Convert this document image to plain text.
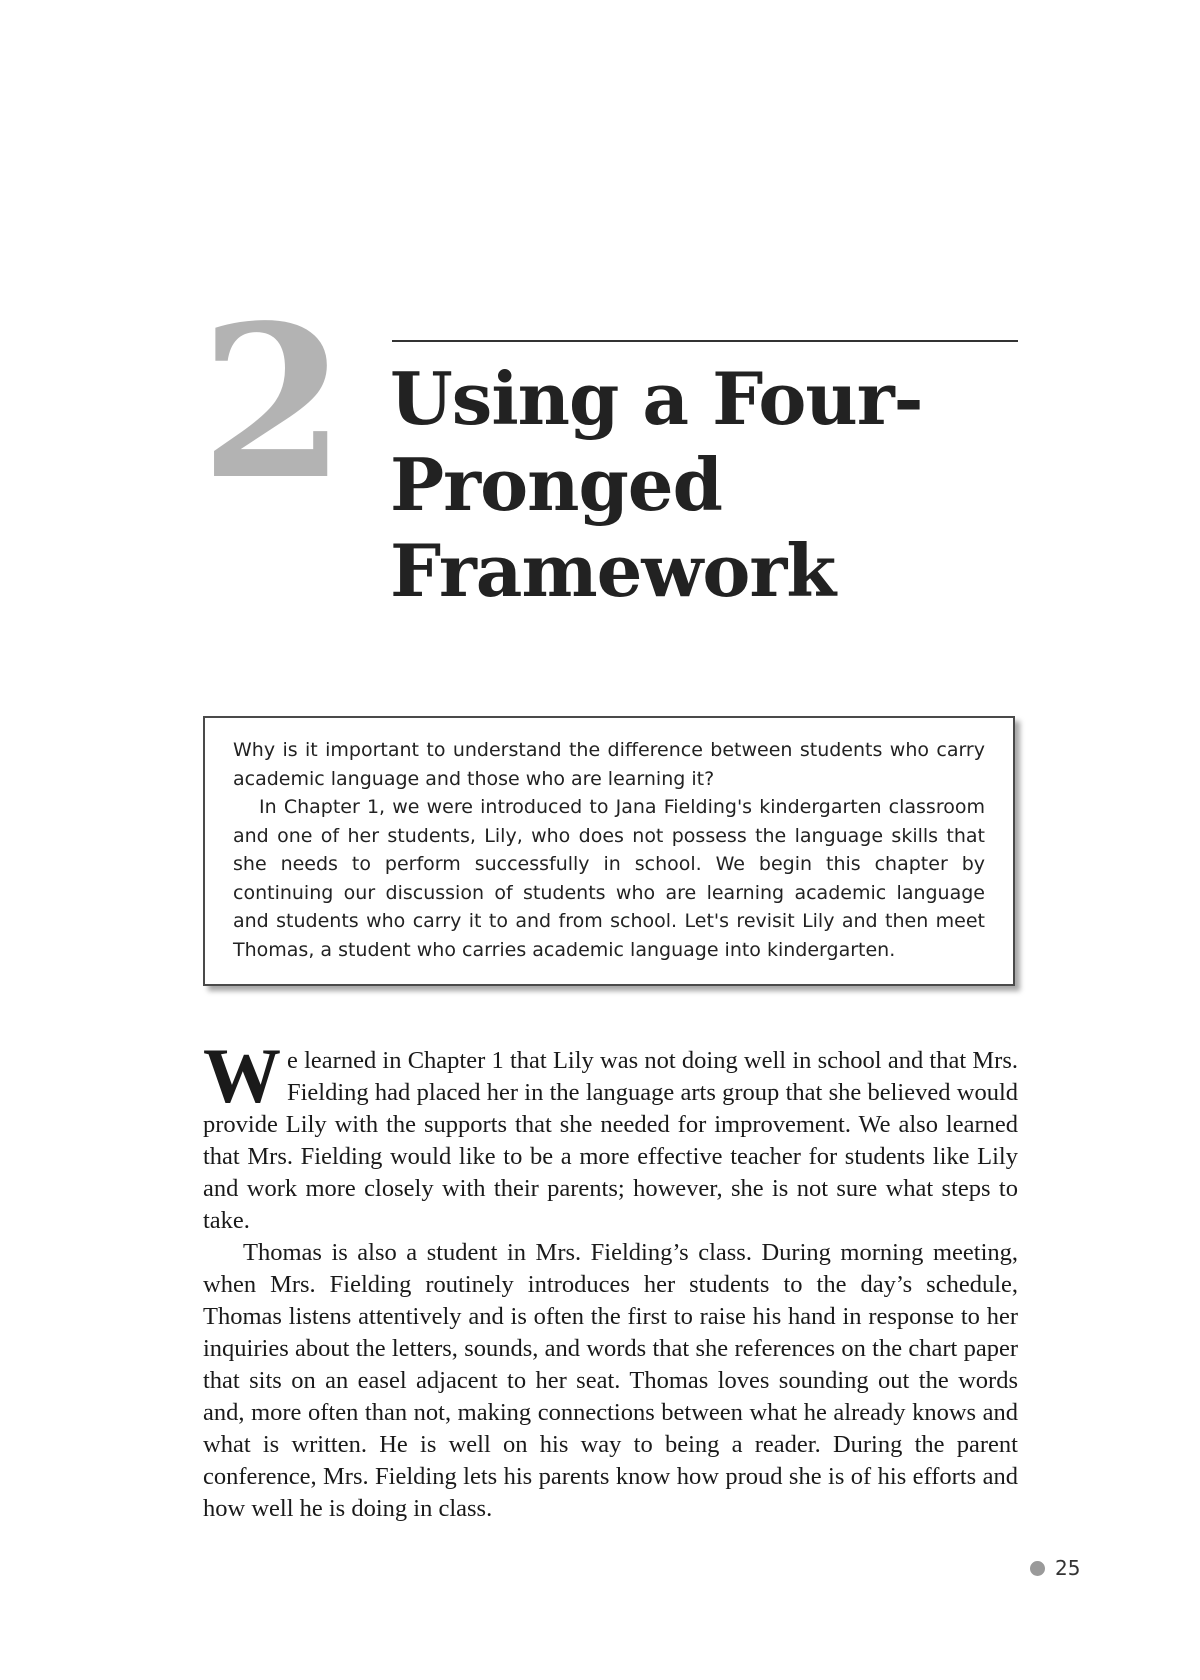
2 Using a Four-
Pronged
Framework

Why is it important to understand the difference between students who carry academic language and those who are learning it?

In Chapter 1, we were introduced to Jana Fielding's kindergarten classroom and one of her students, Lily, who does not possess the language skills that she needs to perform successfully in school. We begin this chapter by continuing our discussion of students who are learning academic language and students who carry it to and from school. Let's revisit Lily and then meet Thomas, a student who carries academic language into kindergarten.

We learned in Chapter 1 that Lily was not doing well in school and that Mrs. Fielding had placed her in the language arts group that she believed would provide Lily with the supports that she needed for improvement. We also learned that Mrs. Fielding would like to be a more effective teacher for students like Lily and work more closely with their parents; however, she is not sure what steps to take.

Thomas is also a student in Mrs. Fielding’s class. During morning meeting, when Mrs. Fielding routinely introduces her students to the day’s schedule, Thomas listens attentively and is often the first to raise his hand in response to her inquiries about the letters, sounds, and words that she references on the chart paper that sits on an easel adjacent to her seat. Thomas loves sounding out the words and, more often than not, making connections between what he already knows and what is written. He is well on his way to being a reader. During the parent conference, Mrs. Fielding lets his parents know how proud she is of his efforts and how well he is doing in class.

25
